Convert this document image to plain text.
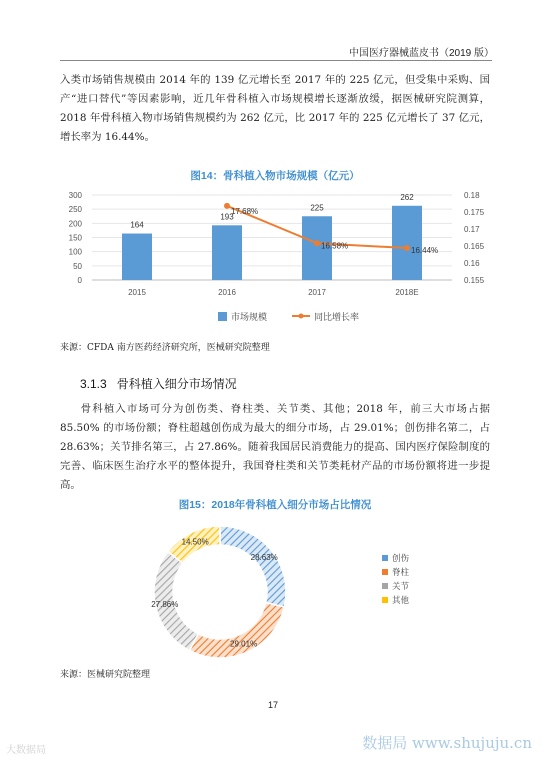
中国医疗器械蓝皮书（2019 版）

入类市场销售规模由 2014 年的 139 亿元增长至 2017 年的 225 亿元，但受集中采购、国产“进口替代”等因素影响，近几年骨科植入市场规模增长逐渐放缓，据医械研究院测算，2018 年骨科植入物市场销售规模约为 262 亿元，比 2017 年的 225 亿元增长了 37 亿元，增长率为 16.44%。

图14：骨科植入物市场规模（亿元）
164
193
225
262
17.68%
16.58%
16.44%
0
50
100
150
200
250
300
0.155
0.16
0.165
0.17
0.175
0.18
2015	2016	2017	2018E
市场规模	同比增长率
来源：CFDA 南方医药经济研究所，医械研究院整理
3.1.3 骨科植入细分市场情况

骨科植入市场可分为创伤类、脊柱类、关节类、其他；2018 年，前三大市场占据 85.50% 的市场份额；脊柱超越创伤成为最大的细分市场，占 29.01%；创伤排名第二，占 28.63%；关节排名第三，占 27.86%。随着我国居民消费能力的提高、国内医疗保险制度的完善、临床医生治疗水平的整体提升，我国脊柱类和关节类耗材产品的市场份额将进一步提高。

图15：2018年骨科植入细分市场占比情况
28.63%
29.01%
27.86%
14.50%
创伤
脊柱
关节
其他
来源：医械研究院整理
17
大数据局	数据局 www.shujuju.cn
